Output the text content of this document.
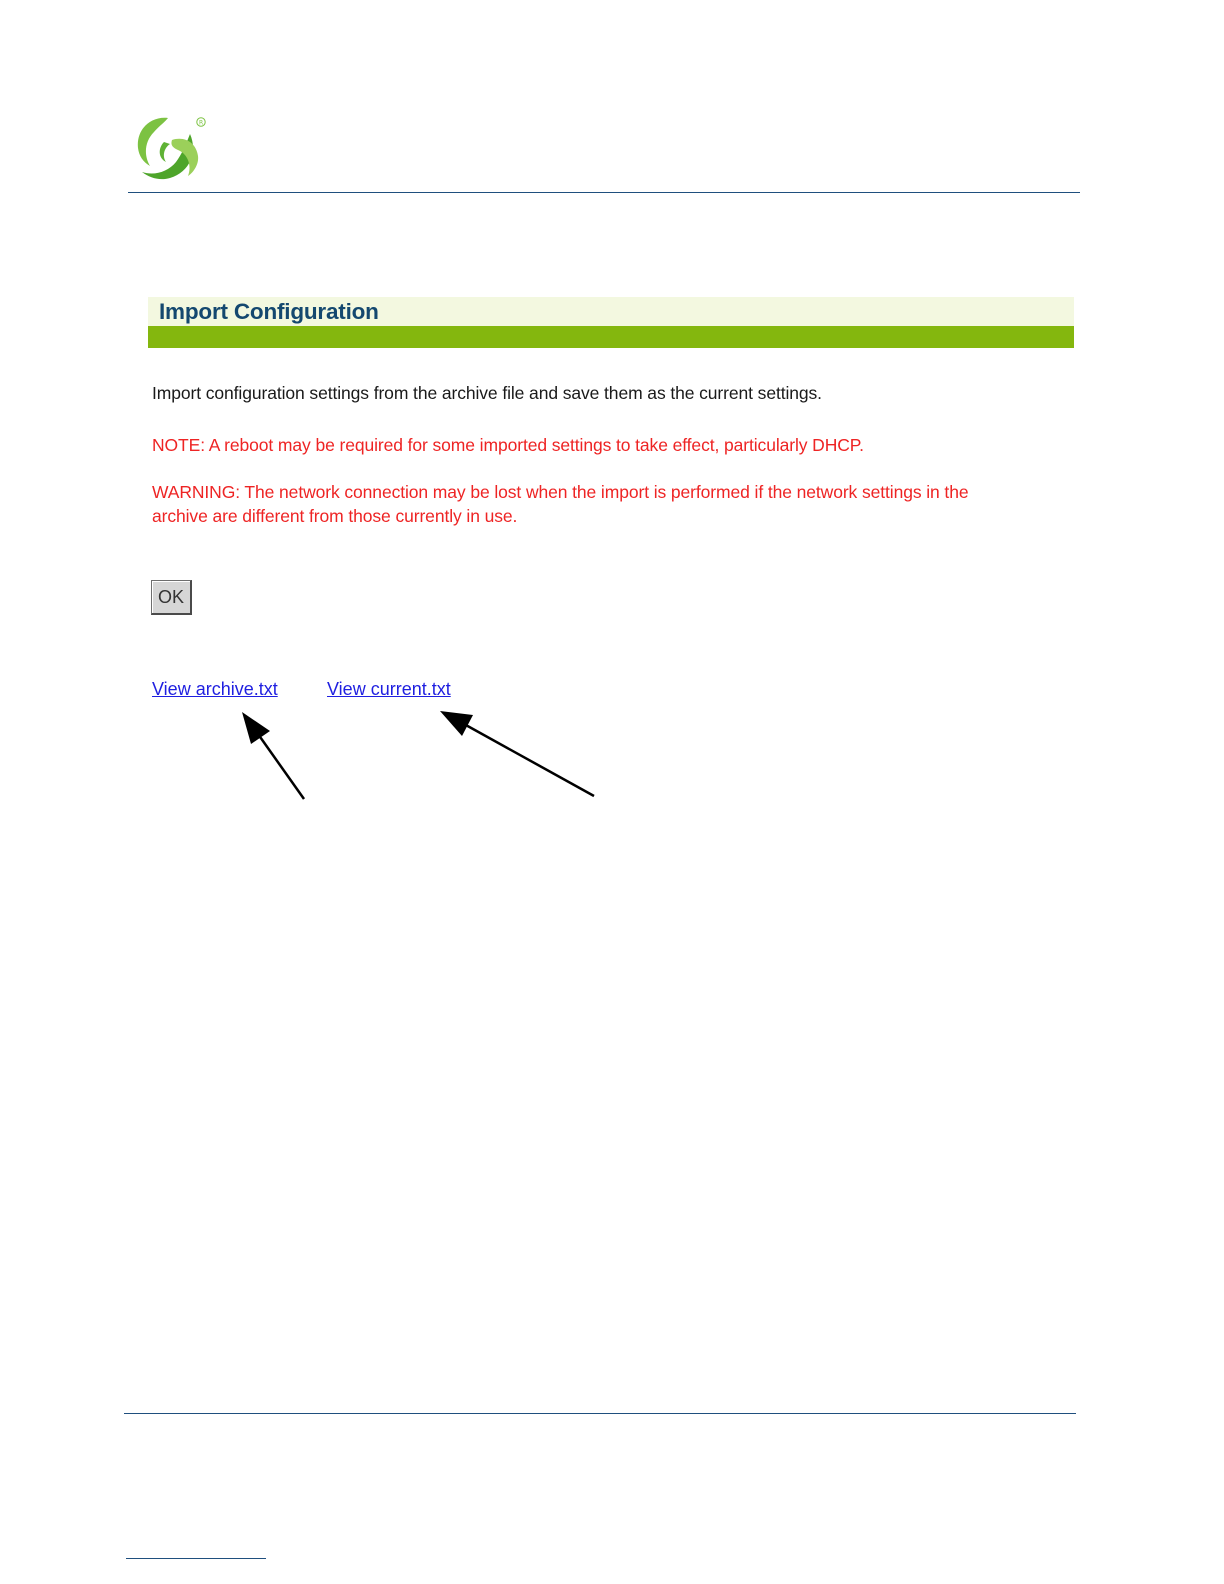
R
Import Configuration

Import configuration settings from the archive file and save them as the current settings.

NOTE: A reboot may be required for some imported settings to take effect, particularly DHCP.

WARNING: The network connection may be lost when the import is performed if the network settings in the
archive are different from those currently in use.
OK
View archive.txt	View current.txt
